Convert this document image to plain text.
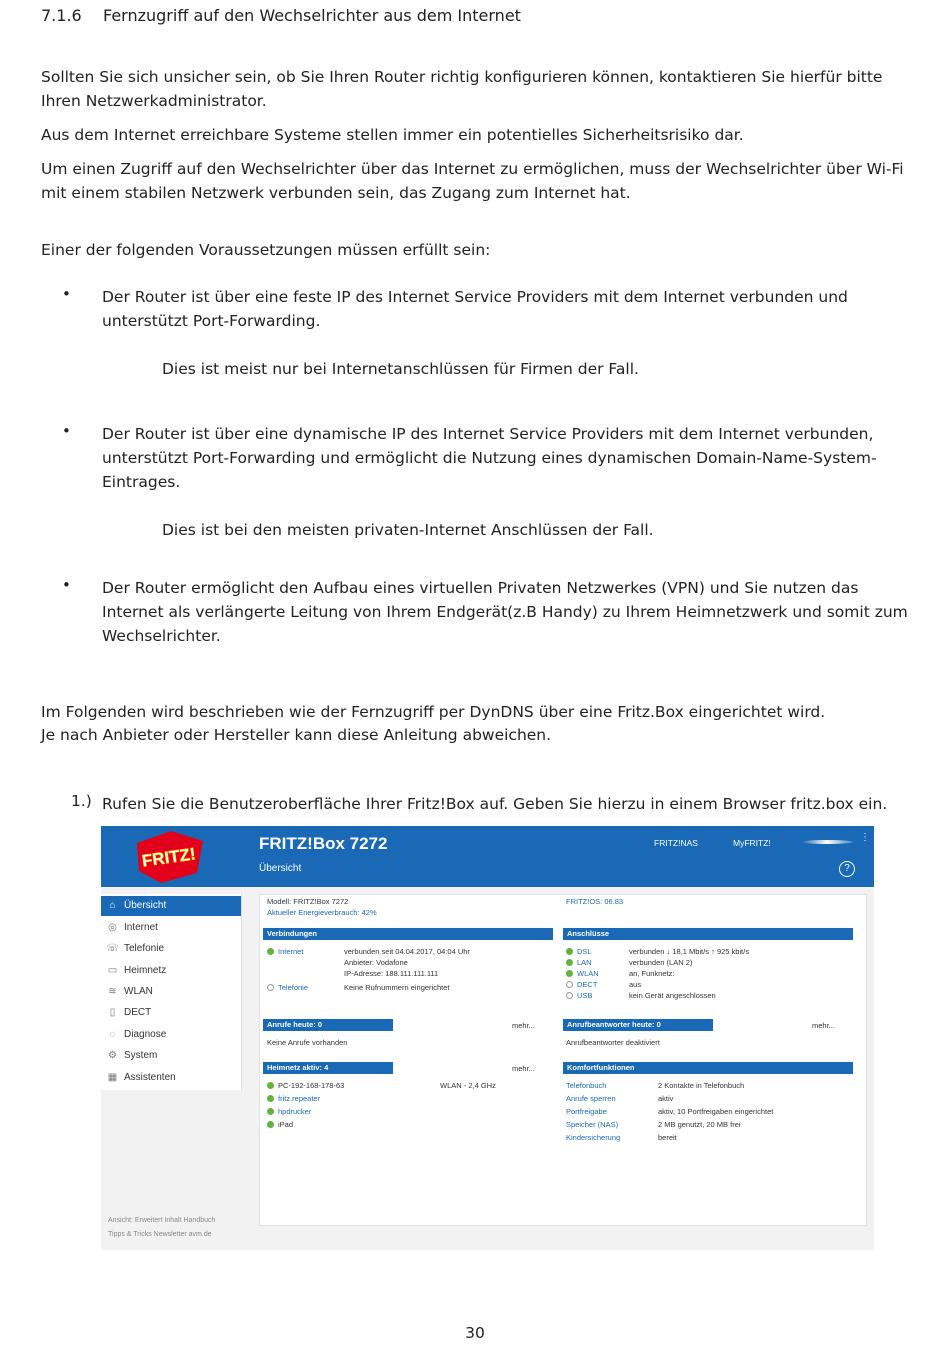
7.1.6 Fernzugriff auf den Wechselrichter aus dem Internet

Sollten Sie sich unsicher sein, ob Sie Ihren Router richtig konfigurieren können, kontaktieren Sie hierfür bitte Ihren Netzwerkadministrator.

Aus dem Internet erreichbare Systeme stellen immer ein potentielles Sicherheitsrisiko dar.

Um einen Zugriff auf den Wechselrichter über das Internet zu ermöglichen, muss der Wechselrichter über Wi-Fi mit einem stabilen Netzwerk verbunden sein, das Zugang zum Internet hat.

Einer der folgenden Voraussetzungen müssen erfüllt sein:

• Der Router ist über eine feste IP des Internet Service Providers mit dem Internet verbunden und unterstützt Port-Forwarding.

Dies ist meist nur bei Internetanschlüssen für Firmen der Fall.

• Der Router ist über eine dynamische IP des Internet Service Providers mit dem Internet verbunden, unterstützt Port-Forwarding und ermöglicht die Nutzung eines dynamischen Domain-Name-System-Eintrages.

Dies ist bei den meisten privaten-Internet Anschlüssen der Fall.

• Der Router ermöglicht den Aufbau eines virtuellen Privaten Netzwerkes (VPN) und Sie nutzen das Internet als verlängerte Leitung von Ihrem Endgerät(z.B Handy) zu Ihrem Heimnetzwerk und somit zum Wechselrichter.

Im Folgenden wird beschrieben wie der Fernzugriff per DynDNS über eine Fritz.Box eingerichtet wird.

Je nach Anbieter oder Hersteller kann diese Anleitung abweichen.

1.) Rufen Sie die Benutzeroberfläche Ihrer Fritz!Box auf. Geben Sie hierzu in einem Browser fritz.box ein.

FRITZ!
FRITZ!Box 7272
Übersicht
FRITZ!NAS	MyFRITZ!	⋮
?
⌂ Übersicht
◎ Internet
☏ Telefonie
▭ Heimnetz
≋ WLAN
▯ DECT
◌ Diagnose
⚙ System
▦ Assistenten
Modell: FRITZ!Box 7272
Aktueller Energieverbrauch: 42%
FRITZ!OS: 06.83
Verbindungen
Internet	verbunden seit 04.04.2017, 04:04 Uhr
Anbieter: Vodafone
IP-Adresse: 188.111.111.111
Telefonie	Keine Rufnummern eingerichtet
Anschlüsse
DSL	verbunden ↓ 18,1 Mbit/s ↑ 925 kbit/s
LAN	verbunden (LAN 2)
WLAN	an, Funknetz:
DECT	aus
USB	kein Gerät angeschlossen
Anrufe heute: 0	mehr...
Keine Anrufe vorhanden
Anrufbeantworter heute: 0	mehr...
Anrufbeantworter deaktiviert
Heimnetz aktiv: 4	mehr...
PC-192-168-178-63	WLAN - 2,4 GHz
fritz.repeater
hpdrucker
iPad
Komfortfunktionen
Telefonbuch	2 Kontakte in Telefonbuch
Anrufe sperren	aktiv
Portfreigabe	aktiv, 10 Portfreigaben eingerichtet
Speicher (NAS)	2 MB genutzt, 20 MB frei
Kindersicherung	bereit
Ansicht: Erweitert Inhalt Handbuch
Tipps & Tricks Newsletter avm.de
30
